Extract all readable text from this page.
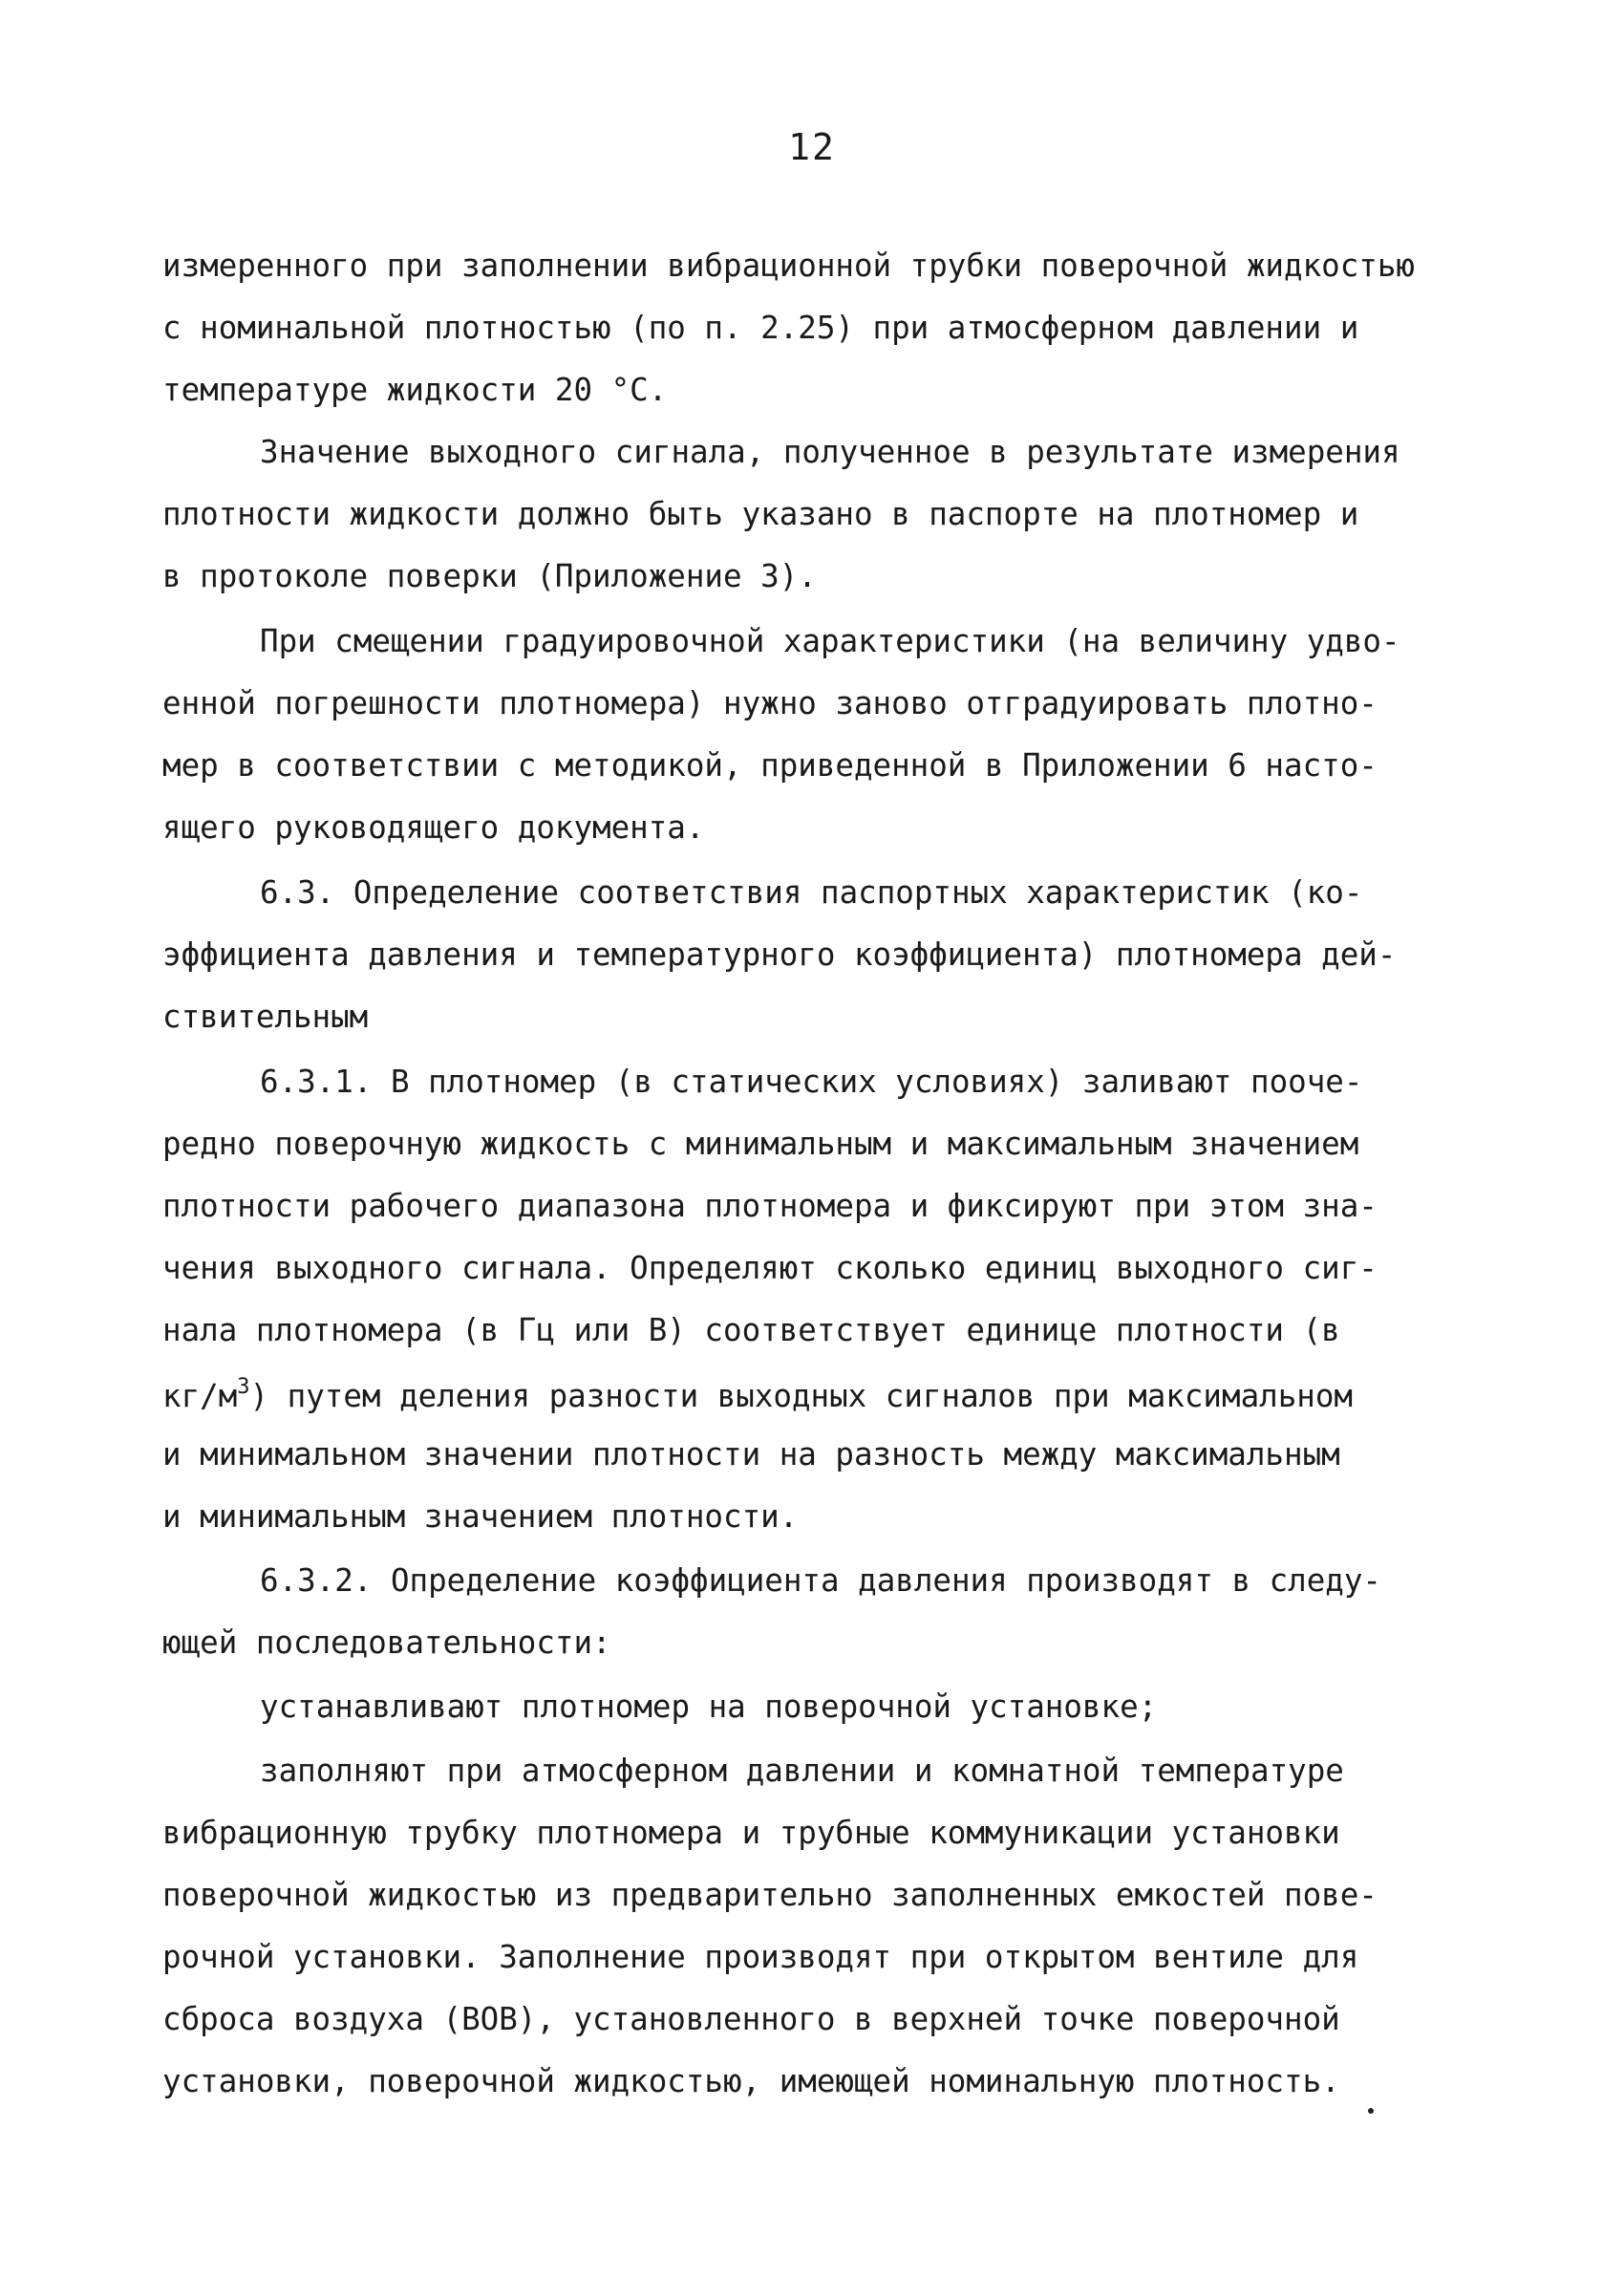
12
измеренного при заполнении вибрационной трубки поверочной жидкостью
с номинальной плотностью (по п. 2.25) при атмосферном давлении и
температуре жидкости 20 °С.
Значение выходного сигнала, полученное в результате измерения
плотности жидкости должно быть указано в паспорте на плотномер и
в протоколе поверки (Приложение 3).
При смещении градуировочной характеристики (на величину удво-
енной погрешности плотномера) нужно заново отградуировать плотно-
мер в соответствии с методикой, приведенной в Приложении 6 насто-
ящего руководящего документа.
6.3. Определение соответствия паспортных характеристик (ко-
эффициента давления и температурного коэффициента) плотномера дей-
ствительным
6.3.1. В плотномер (в статических условиях) заливают пооче-
редно поверочную жидкость с минимальным и максимальным значением
плотности рабочего диапазона плотномера и фиксируют при этом зна-
чения выходного сигнала. Определяют сколько единиц выходного сиг-
нала плотномера (в Гц или В) соответствует единице плотности (в
$кг/м^3$) путем деления разности выходных сигналов при максимальном
и минимальном значении плотности на разность между максимальным
и минимальным значением плотности.
6.3.2. Определение коэффициента давления производят в следу-
ющей последовательности:
устанавливают плотномер на поверочной установке;
заполняют при атмосферном давлении и комнатной температуре
вибрационную трубку плотномера и трубные коммуникации установки
поверочной жидкостью из предварительно заполненных емкостей пове-
рочной установки. Заполнение производят при открытом вентиле для
сброса воздуха (ВОВ), установленного в верхней точке поверочной
установки, поверочной жидкостью, имеющей номинальную плотность.
